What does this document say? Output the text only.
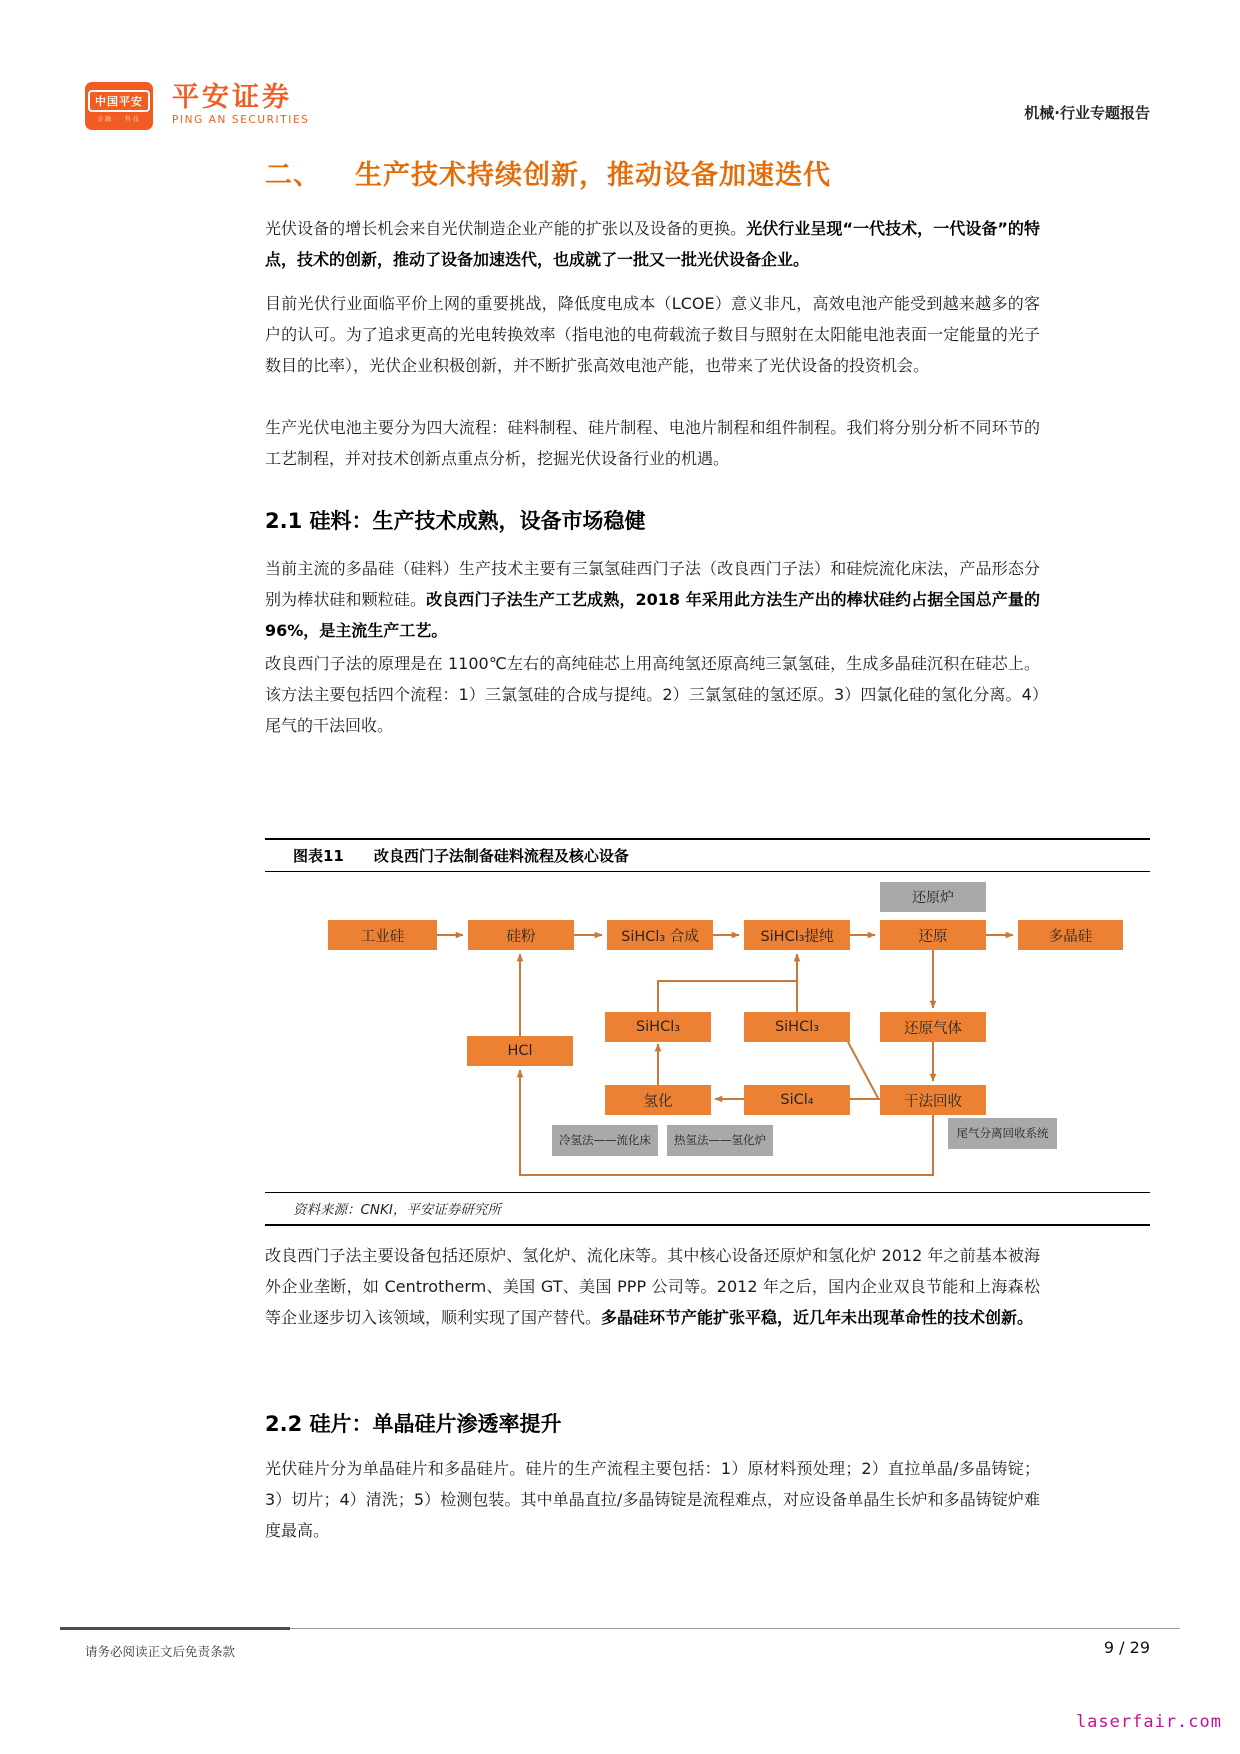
中国平安
金融 · 科技
平安证券
PING AN SECURITIES	机械·行业专题报告
二、 生产技术持续创新，推动设备加速迭代
光伏设备的增长机会来自光伏制造企业产能的扩张以及设备的更换。光伏行业呈现“一代技术，一代设备”的特点，技术的创新，推动了设备加速迭代，也成就了一批又一批光伏设备企业。
目前光伏行业面临平价上网的重要挑战，降低度电成本（LCOE）意义非凡，高效电池产能受到越来越多的客户的认可。为了追求更高的光电转换效率（指电池的电荷载流子数目与照射在太阳能电池表面一定能量的光子数目的比率），光伏企业积极创新，并不断扩张高效电池产能，也带来了光伏设备的投资机会。
生产光伏电池主要分为四大流程：硅料制程、硅片制程、电池片制程和组件制程。我们将分别分析不同环节的工艺制程，并对技术创新点重点分析，挖掘光伏设备行业的机遇。
2.1 硅料：生产技术成熟，设备市场稳健
当前主流的多晶硅（硅料）生产技术主要有三氯氢硅西门子法（改良西门子法）和硅烷流化床法，产品形态分别为棒状硅和颗粒硅。改良西门子法生产工艺成熟，2018 年采用此方法生产出的棒状硅约占据全国总产量的 96%，是主流生产工艺。
改良西门子法的原理是在 1100℃左右的高纯硅芯上用高纯氢还原高纯三氯氢硅，生成多晶硅沉积在硅芯上。该方法主要包括四个流程：1）三氯氢硅的合成与提纯。2）三氯氢硅的氢还原。3）四氯化硅的氢化分离。4）尾气的干法回收。
图表11 改良西门子法制备硅料流程及核心设备
还原炉
工业硅	硅粉	SiHCl₃ 合成	SiHCl₃提纯	还原	多晶硅
SiHCl₃	SiHCl₃	还原气体
HCl
氢化	SiCl₄	干法回收
冷氢法——流化床	热氢法——氢化炉	尾气分离回收系统
资料来源：CNKI，平安证券研究所
改良西门子法主要设备包括还原炉、氢化炉、流化床等。其中核心设备还原炉和氢化炉 2012 年之前基本被海外企业垄断，如 Centrotherm、美国 GT、美国 PPP 公司等。2012 年之后，国内企业双良节能和上海森松等企业逐步切入该领域，顺利实现了国产替代。多晶硅环节产能扩张平稳，近几年未出现革命性的技术创新。
2.2 硅片：单晶硅片渗透率提升
光伏硅片分为单晶硅片和多晶硅片。硅片的生产流程主要包括：1）原材料预处理；2）直拉单晶/多晶铸锭；3）切片；4）清洗；5）检测包装。其中单晶直拉/多晶铸锭是流程难点，对应设备单晶生长炉和多晶铸锭炉难度最高。
请务必阅读正文后免责条款	9 / 29
laserfair.com
